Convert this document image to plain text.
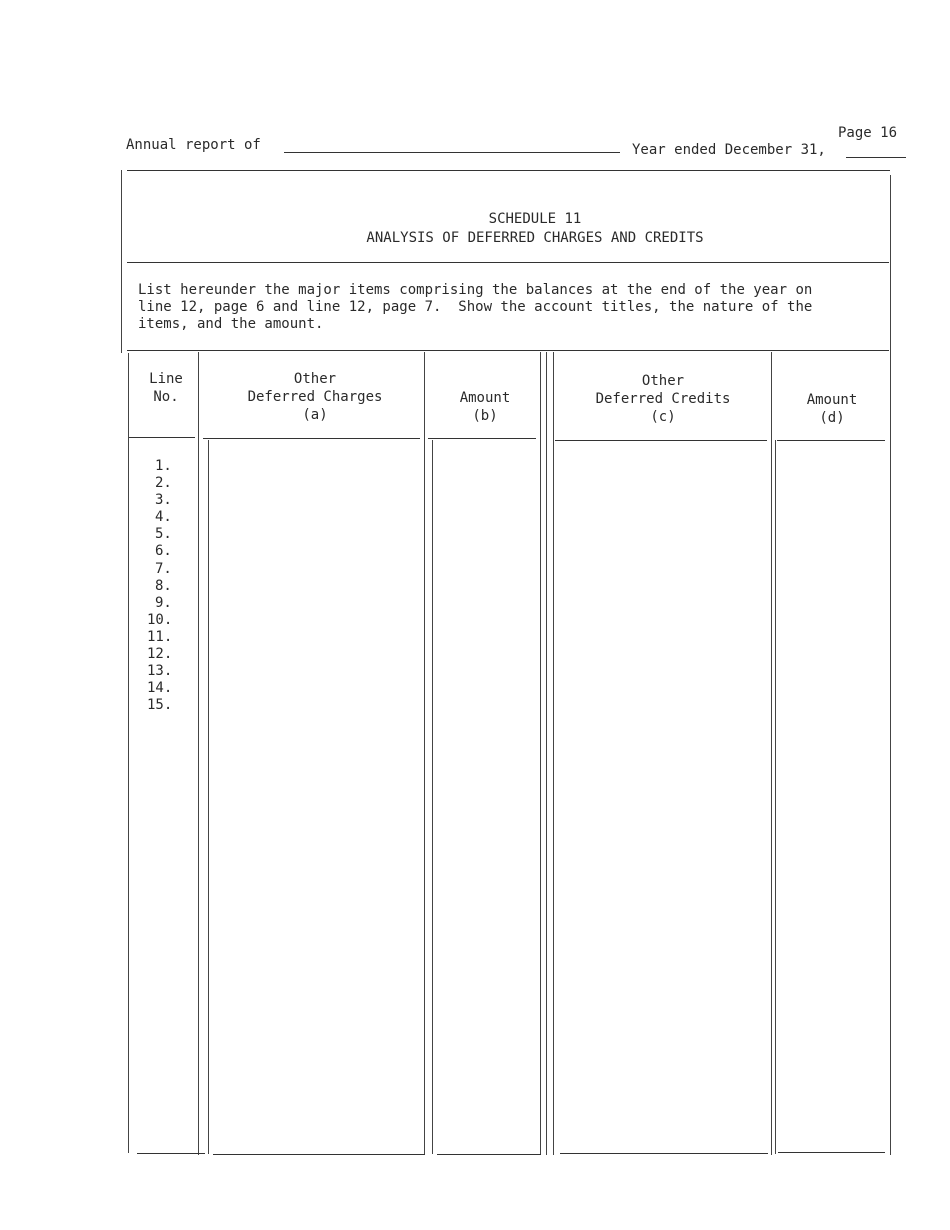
Page 16
Annual report of	Year ended December 31,
SCHEDULE 11
ANALYSIS OF DEFERRED CHARGES AND CREDITS
List hereunder the major items comprising the balances at the end of the year on
line 12, page 6 and line 12, page 7.  Show the account titles, the nature of the
items, and the amount.
Line
No.
Other
Deferred Charges
(a)
Amount
(b)
Other
Deferred Credits
(c)
Amount
(d)
1.
2.
3.
4.
5.
6.
7.
8.
9.
10.
11.
12.
13.
14.
15.
